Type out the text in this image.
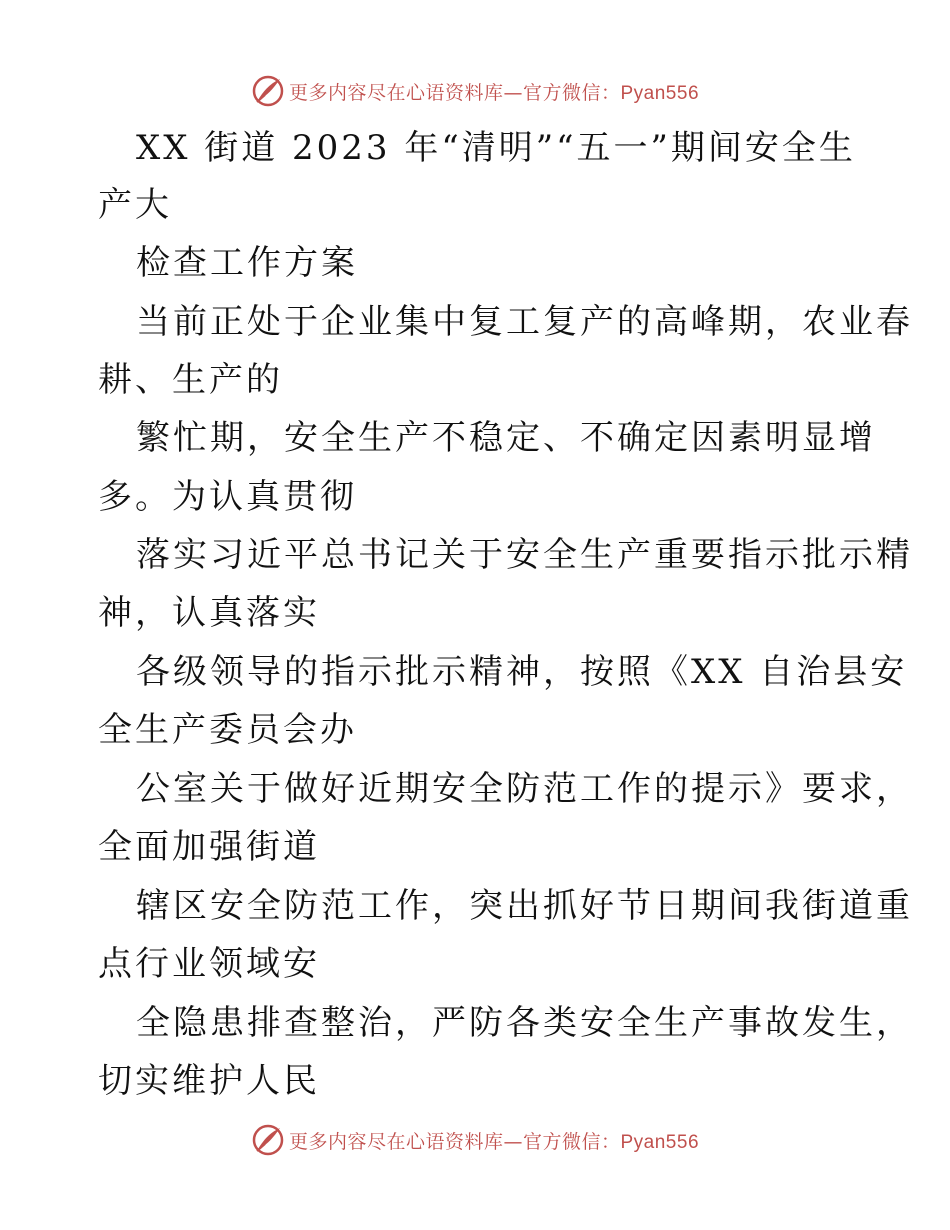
更多内容尽在心语资料库—官方微信：Pyan556
XX 街道 2023 年“清明”“五一”期间安全生
产大
检查工作方案
当前正处于企业集中复工复产的高峰期，农业春
耕、生产的
繁忙期，安全生产不稳定、不确定因素明显增
多。为认真贯彻
落实习近平总书记关于安全生产重要指示批示精
神，认真落实
各级领导的指示批示精神，按照《XX 自治县安
全生产委员会办
公室关于做好近期安全防范工作的提示》要求，
全面加强街道
辖区安全防范工作，突出抓好节日期间我街道重
点行业领域安
全隐患排查整治，严防各类安全生产事故发生，
切实维护人民
更多内容尽在心语资料库—官方微信：Pyan556
